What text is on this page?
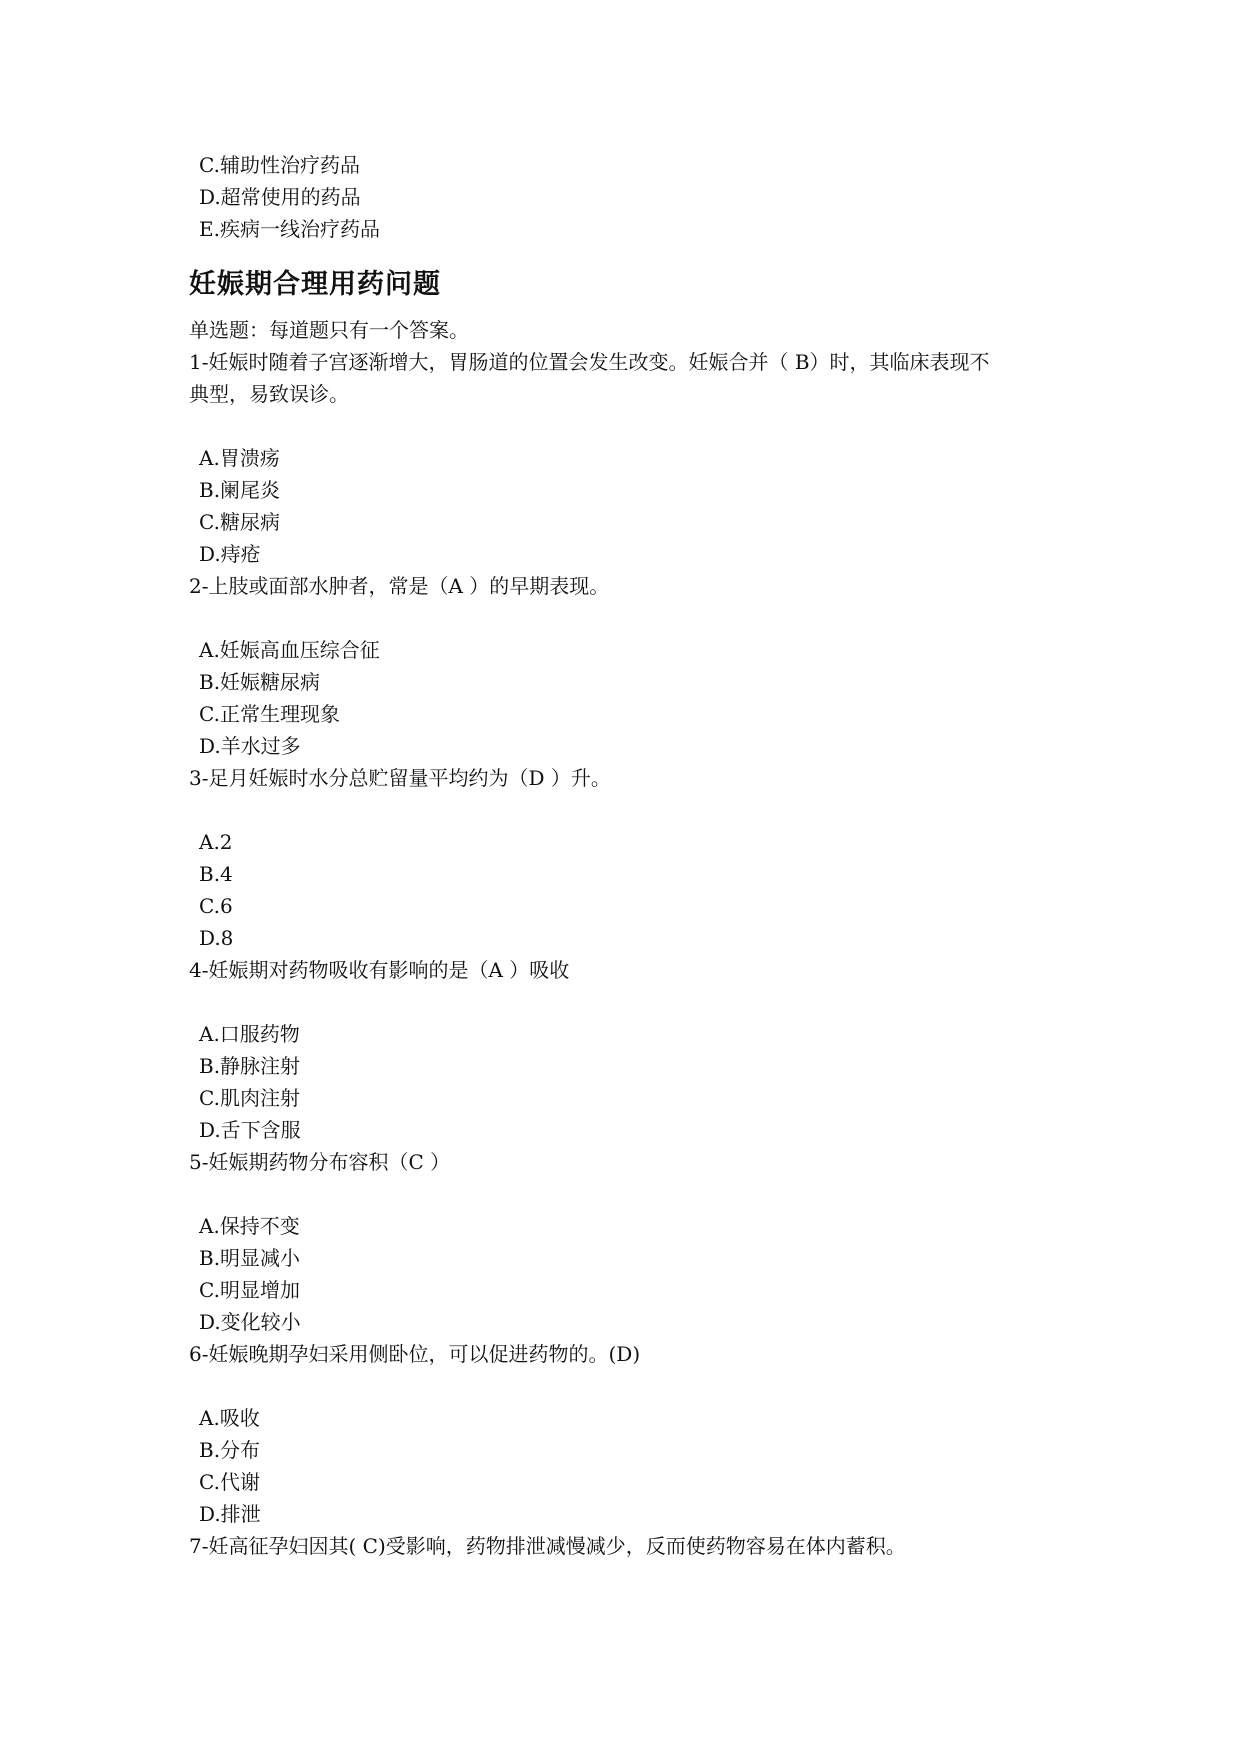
C.辅助性治疗药品
D.超常使用的药品
E.疾病一线治疗药品
妊娠期合理用药问题
单选题：每道题只有一个答案。
1-妊娠时随着子宫逐渐增大，胃肠道的位置会发生改变。妊娠合并（ B）时，其临床表现不
典型，易致误诊。
A.胃溃疡
B.阑尾炎
C.糖尿病
D.痔疮
2-上肢或面部水肿者，常是（A ）的早期表现。
A.妊娠高血压综合征
B.妊娠糖尿病
C.正常生理现象
D.羊水过多
3-足月妊娠时水分总贮留量平均约为（D ）升。
A.2
B.4
C.6
D.8
4-妊娠期对药物吸收有影响的是（A ）吸收
A.口服药物
B.静脉注射
C.肌肉注射
D.舌下含服
5-妊娠期药物分布容积（C ）
A.保持不变
B.明显减小
C.明显增加
D.变化较小
6-妊娠晚期孕妇采用侧卧位，可以促进药物的。(D)
A.吸收
B.分布
C.代谢
D.排泄
7-妊高征孕妇因其( C)受影响，药物排泄减慢减少，反而使药物容易在体内蓄积。
